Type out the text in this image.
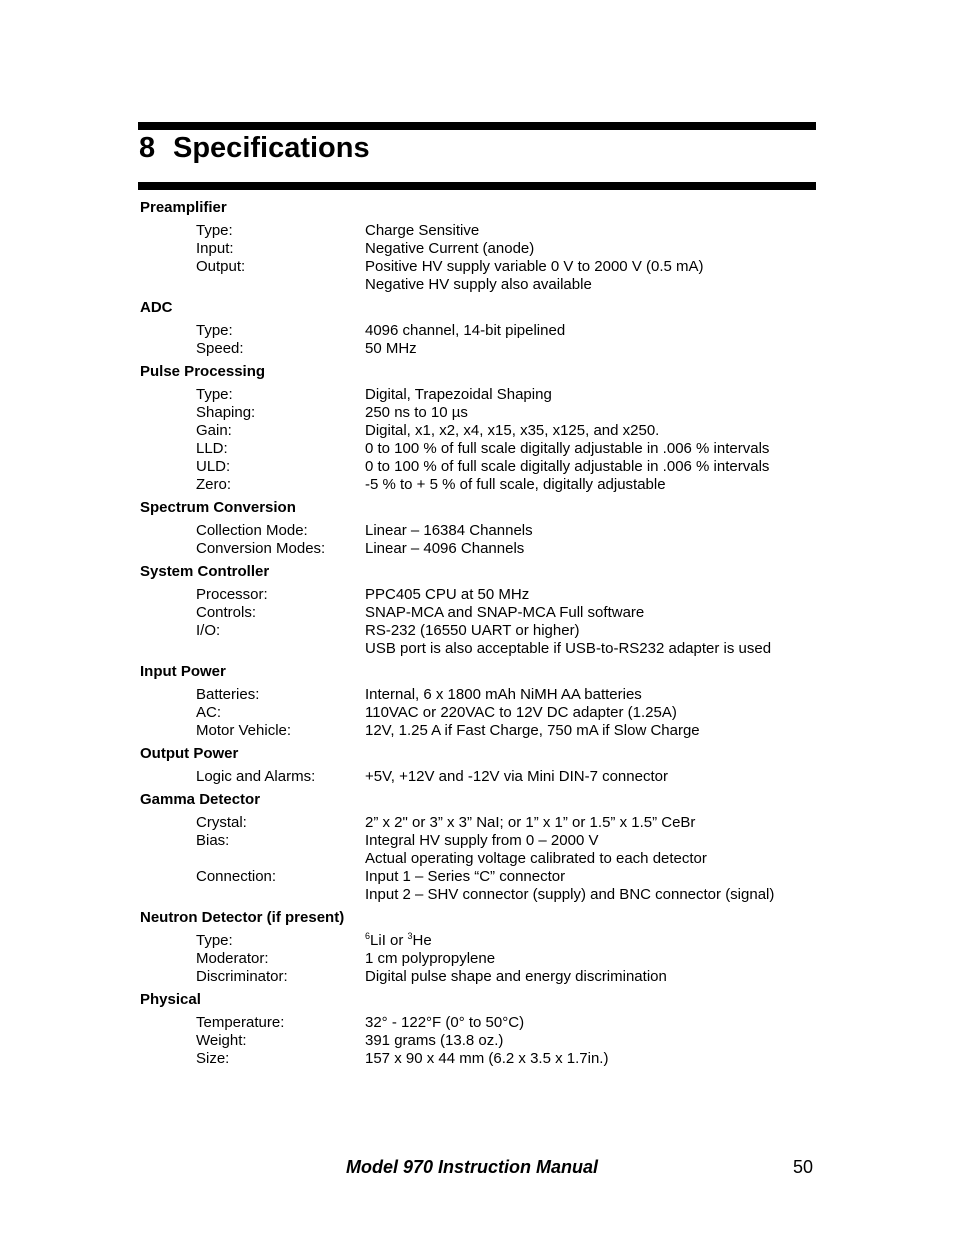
8 Specifications
Preamplifier
Type:	Charge Sensitive
Input:	Negative Current (anode)
Output:	Positive HV supply variable 0 V to 2000 V (0.5 mA)
Negative HV supply also available
ADC
Type:	4096 channel, 14-bit pipelined
Speed:	50 MHz
Pulse Processing
Type:	Digital, Trapezoidal Shaping
Shaping:	250 ns to 10 µs
Gain:	Digital, x1, x2, x4, x15, x35, x125, and x250.
LLD:	0 to 100 % of full scale digitally adjustable in .006 % intervals
ULD:	0 to 100 % of full scale digitally adjustable in .006 % intervals
Zero:	-5 % to + 5 % of full scale, digitally adjustable
Spectrum Conversion
Collection Mode:	Linear – 16384 Channels
Conversion Modes:	Linear – 4096 Channels
System Controller
Processor:	PPC405 CPU at 50 MHz
Controls:	SNAP-MCA and SNAP-MCA Full software
I/O:	RS-232 (16550 UART or higher)
USB port is also acceptable if USB-to-RS232 adapter is used
Input Power
Batteries:	Internal, 6 x 1800 mAh NiMH AA batteries
AC:	110VAC or 220VAC to 12V DC adapter (1.25A)
Motor Vehicle:	12V, 1.25 A if Fast Charge, 750 mA if Slow Charge
Output Power
Logic and Alarms:	+5V, +12V and -12V via Mini DIN-7 connector
Gamma Detector
Crystal:	2” x 2" or 3” x 3” NaI; or 1” x 1” or 1.5” x 1.5” CeBr
Bias:	Integral HV supply from 0 – 2000 V
Actual operating voltage calibrated to each detector
Connection:	Input 1 – Series “C” connector
Input 2 – SHV connector (supply) and BNC connector (signal)
Neutron Detector (if present)
Type:	$^6$LiI or $^3$He
Moderator:	1 cm polypropylene
Discriminator:	Digital pulse shape and energy discrimination
Physical
Temperature:	32° - 122°F (0° to 50°C)
Weight:	391 grams (13.8 oz.)
Size:	157 x 90 x 44 mm (6.2 x 3.5 x 1.7in.)
Model 970 Instruction Manual	50
